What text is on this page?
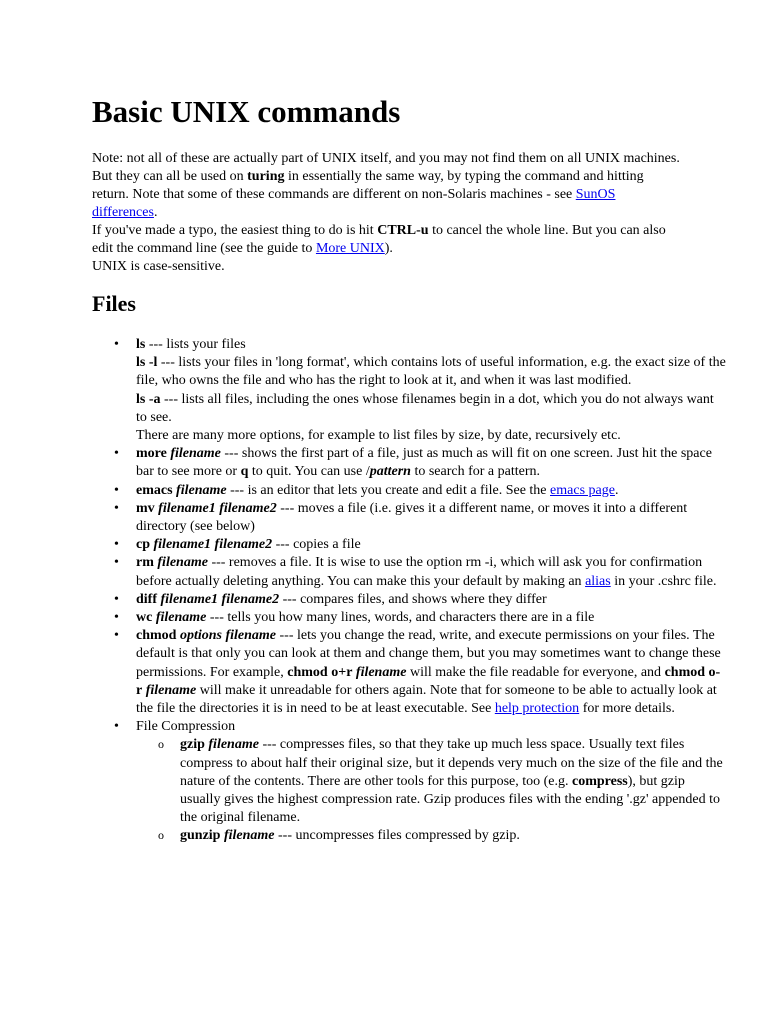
Basic UNIX commands
Note: not all of these are actually part of UNIX itself, and you may not find them on all UNIX machines. But they can all be used on turing in essentially the same way, by typing the command and hitting return. Note that some of these commands are different on non-Solaris machines - see SunOS differences.
If you've made a typo, the easiest thing to do is hit CTRL-u to cancel the whole line. But you can also edit the command line (see the guide to More UNIX).
UNIX is case-sensitive.
Files
• ls --- lists your files
ls -l --- lists your files in 'long format', which contains lots of useful information, e.g. the exact size of the file, who owns the file and who has the right to look at it, and when it was last modified.
ls -a --- lists all files, including the ones whose filenames begin in a dot, which you do not always want to see.
There are many more options, for example to list files by size, by date, recursively etc.
• more filename --- shows the first part of a file, just as much as will fit on one screen. Just hit the space bar to see more or q to quit. You can use /pattern to search for a pattern.
• emacs filename --- is an editor that lets you create and edit a file. See the emacs page.
• mv filename1 filename2 --- moves a file (i.e. gives it a different name, or moves it into a different directory (see below)
• cp filename1 filename2 --- copies a file
• rm filename --- removes a file. It is wise to use the option rm -i, which will ask you for confirmation before actually deleting anything. You can make this your default by making an alias in your .cshrc file.
• diff filename1 filename2 --- compares files, and shows where they differ
• wc filename --- tells you how many lines, words, and characters there are in a file
• chmod options filename --- lets you change the read, write, and execute permissions on your files. The default is that only you can look at them and change them, but you may sometimes want to change these permissions. For example, chmod o+r filename will make the file readable for everyone, and chmod o-r filename will make it unreadable for others again. Note that for someone to be able to actually look at the file the directories it is in need to be at least executable. See help protection for more details.
• File Compression
o gzip filename --- compresses files, so that they take up much less space. Usually text files compress to about half their original size, but it depends very much on the size of the file and the nature of the contents. There are other tools for this purpose, too (e.g. compress), but gzip usually gives the highest compression rate. Gzip produces files with the ending '.gz' appended to the original filename.
o gunzip filename --- uncompresses files compressed by gzip.
